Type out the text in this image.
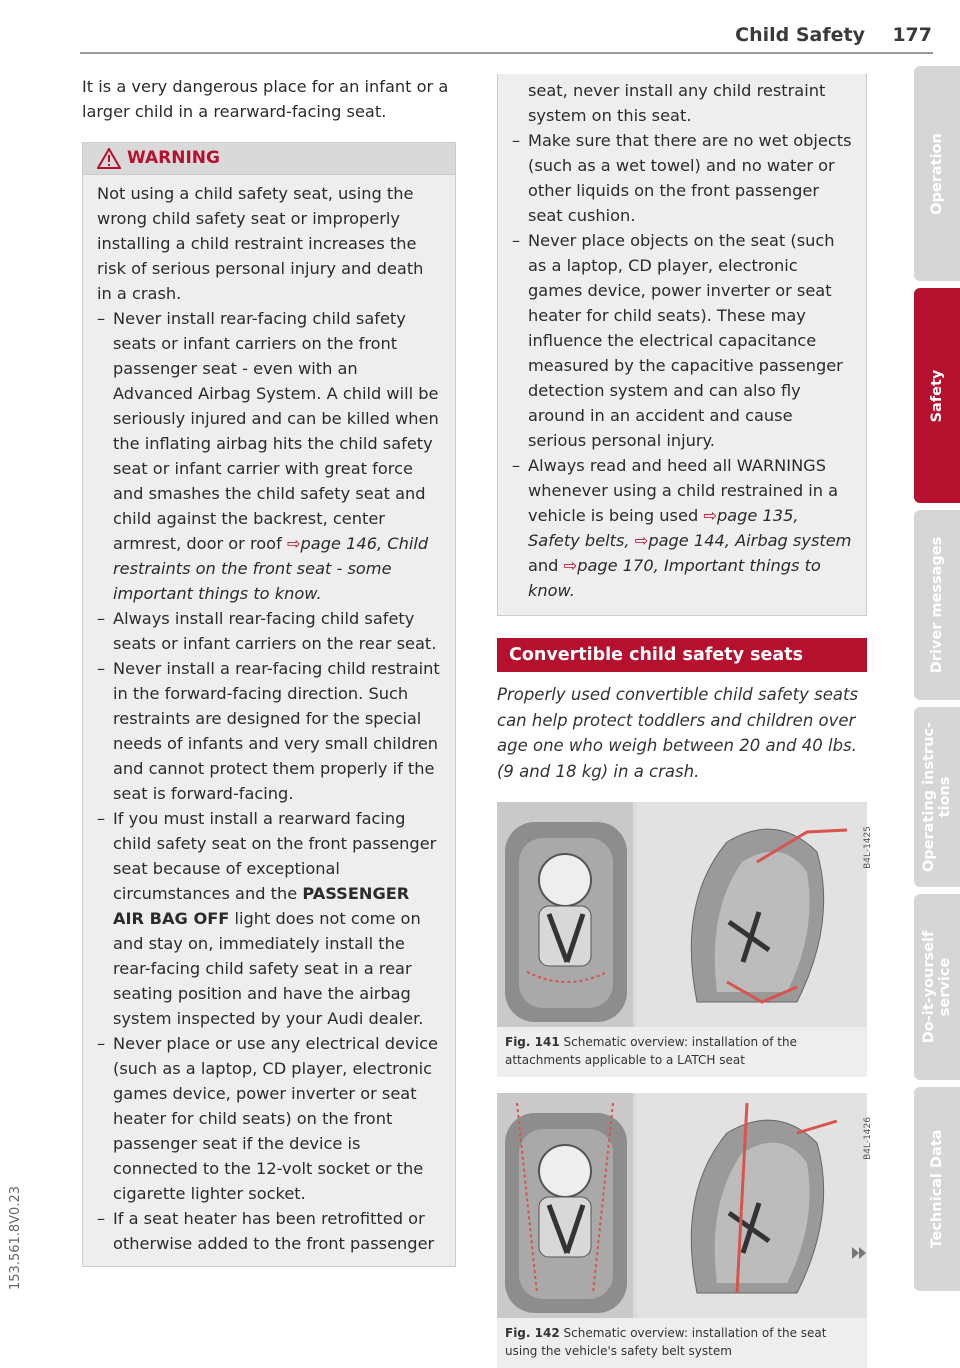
Child Safety 177

It is a very dangerous place for an infant or a larger child in a rearward-facing seat.

WARNING

Not using a child safety seat, using the wrong child safety seat or improperly installing a child restraint increases the risk of serious personal injury and death in a crash.

– Never install rear-facing child safety seats or infant carriers on the front passenger seat - even with an Advanced Airbag System. A child will be seriously injured and can be killed when the inflating airbag hits the child safety seat or infant carrier with great force and smashes the child safety seat and child against the backrest, center armrest, door or roof ⇨page 146, Child restraints on the front seat - some important things to know.

– Always install rear-facing child safety seats or infant carriers on the rear seat.

– Never install a rear-facing child restraint in the forward-facing direction. Such restraints are designed for the special needs of infants and very small children and cannot protect them properly if the seat is forward-facing.

– If you must install a rearward facing child safety seat on the front passenger seat because of exceptional circumstances and the PASSENGER AIR BAG OFF light does not come on and stay on, immediately install the rear-facing child safety seat in a rear seating position and have the airbag system inspected by your Audi dealer.

– Never place or use any electrical device (such as a laptop, CD player, electronic games device, power inverter or seat heater for child seats) on the front passenger seat if the device is connected to the 12-volt socket or the cigarette lighter socket.

– If a seat heater has been retrofitted or otherwise added to the front passenger

seat, never install any child restraint system on this seat.

– Make sure that there are no wet objects (such as a wet towel) and no water or other liquids on the front passenger seat cushion.

– Never place objects on the seat (such as a laptop, CD player, electronic games device, power inverter or seat heater for child seats). These may influence the electrical capacitance measured by the capacitive passenger detection system and can also fly around in an accident and cause serious personal injury.

– Always read and heed all WARNINGS whenever using a child restrained in a vehicle is being used ⇨page 135, Safety belts, ⇨page 144, Airbag system and ⇨page 170, Important things to know.

Convertible child safety seats

Properly used convertible child safety seats can help protect toddlers and children over age one who weigh between 20 and 40 lbs. (9 and 18 kg) in a crash.

B4L-1425
Fig. 141 Schematic overview: installation of the attachments applicable to a LATCH seat
B4L-1426
Fig. 142 Schematic overview: installation of the seat using the vehicle's safety belt system
Operation
Safety
Driver messages
Operating instruc-tions
Do-it-yourself service
Technical Data
153.561.8V0.23
